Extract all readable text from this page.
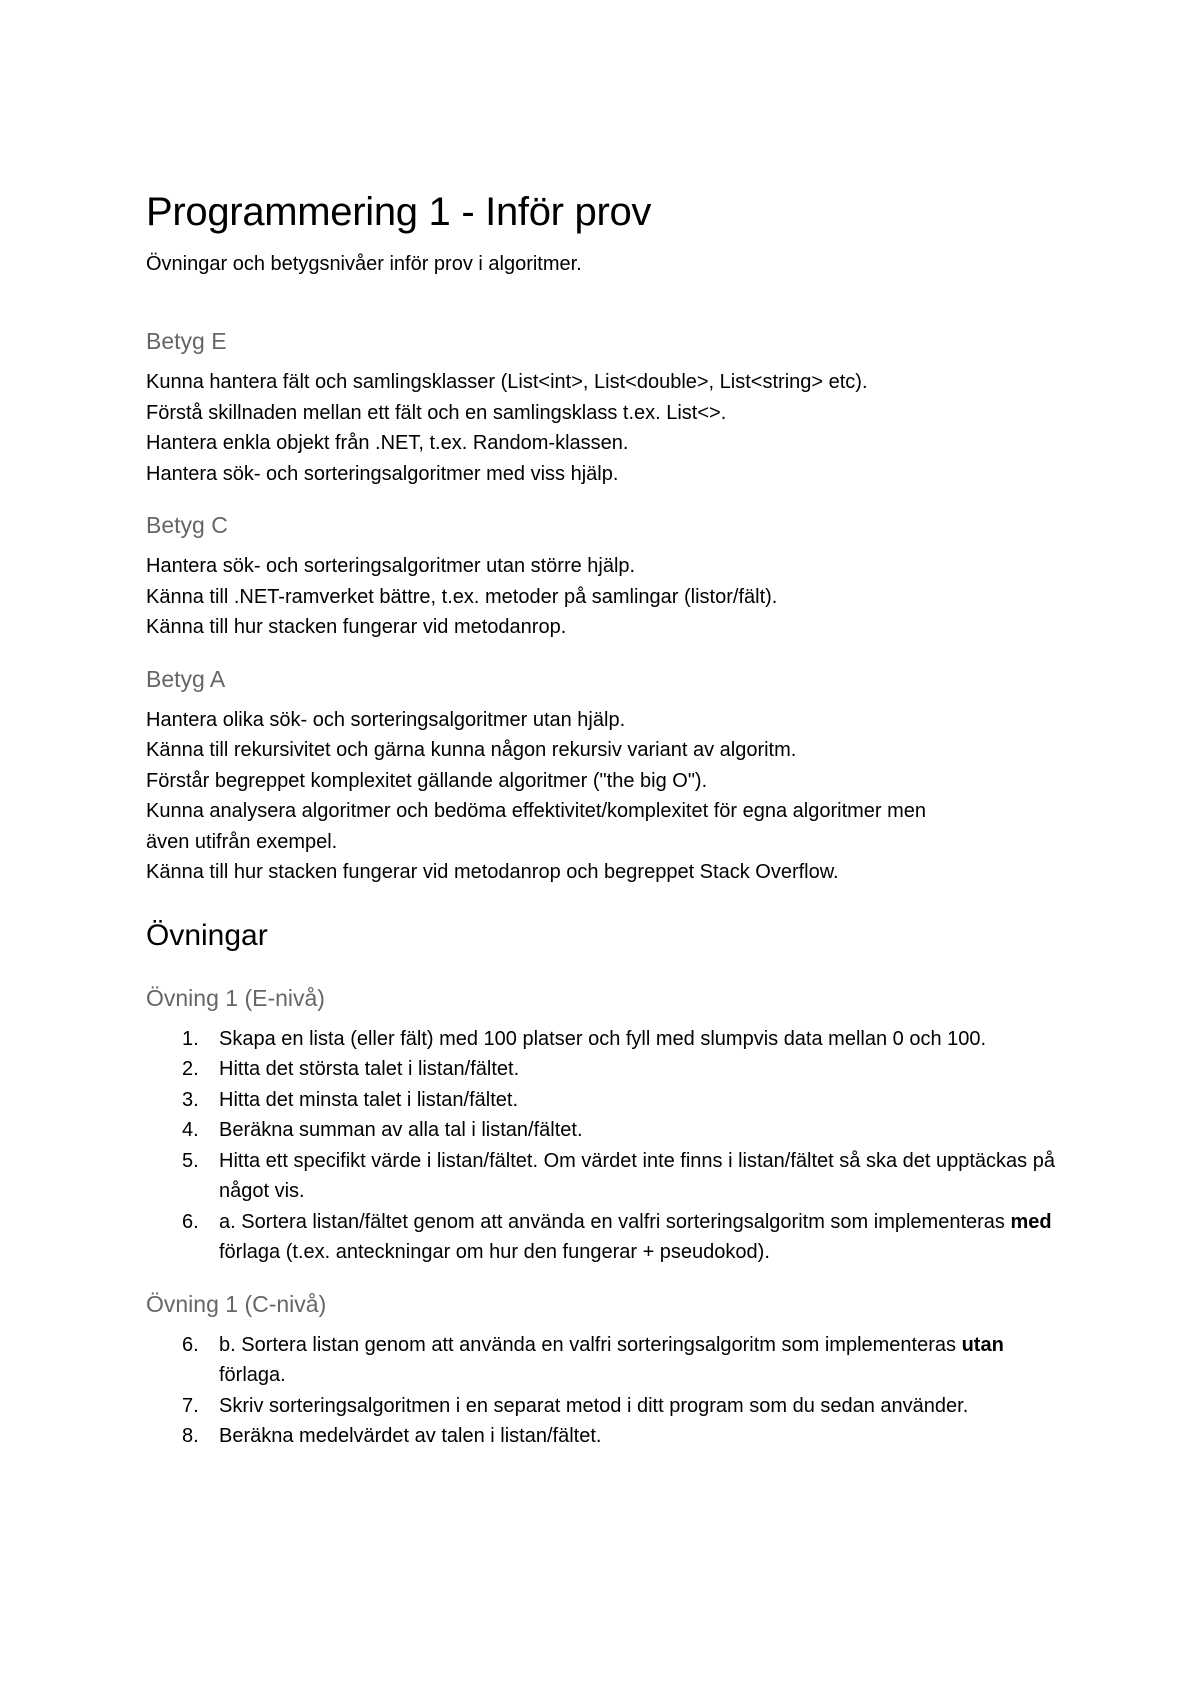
Programmering 1 - Inför prov

Övningar och betygsnivåer inför prov i algoritmer.

Betyg E

Kunna hantera fält och samlingsklasser (List<int>, List<double>, List<string> etc).

Förstå skillnaden mellan ett fält och en samlingsklass t.ex. List<>.

Hantera enkla objekt från .NET, t.ex. Random-klassen.

Hantera sök- och sorteringsalgoritmer med viss hjälp.

Betyg C

Hantera sök- och sorteringsalgoritmer utan större hjälp.

Känna till .NET-ramverket bättre, t.ex. metoder på samlingar (listor/fält).

Känna till hur stacken fungerar vid metodanrop.

Betyg A

Hantera olika sök- och sorteringsalgoritmer utan hjälp.

Känna till rekursivitet och gärna kunna någon rekursiv variant av algoritm.

Förstår begreppet komplexitet gällande algoritmer ("the big O").

Kunna analysera algoritmer och bedöma effektivitet/komplexitet för egna algoritmer men

även utifrån exempel.

Känna till hur stacken fungerar vid metodanrop och begreppet Stack Overflow.

Övningar
Övning 1 (E-nivå)
1. Skapa en lista (eller fält) med 100 platser och fyll med slumpvis data mellan 0 och 100.
2. Hitta det största talet i listan/fältet.
3. Hitta det minsta talet i listan/fältet.
4. Beräkna summan av alla tal i listan/fältet.
5. Hitta ett specifikt värde i listan/fältet. Om värdet inte finns i listan/fältet så ska det upptäckas på något vis.
6. a. Sortera listan/fältet genom att använda en valfri sorteringsalgoritm som implementeras med förlaga (t.ex. anteckningar om hur den fungerar + pseudokod).
Övning 1 (C-nivå)
6. b. Sortera listan genom att använda en valfri sorteringsalgoritm som implementeras utan förlaga.
7. Skriv sorteringsalgoritmen i en separat metod i ditt program som du sedan använder.
8. Beräkna medelvärdet av talen i listan/fältet.
